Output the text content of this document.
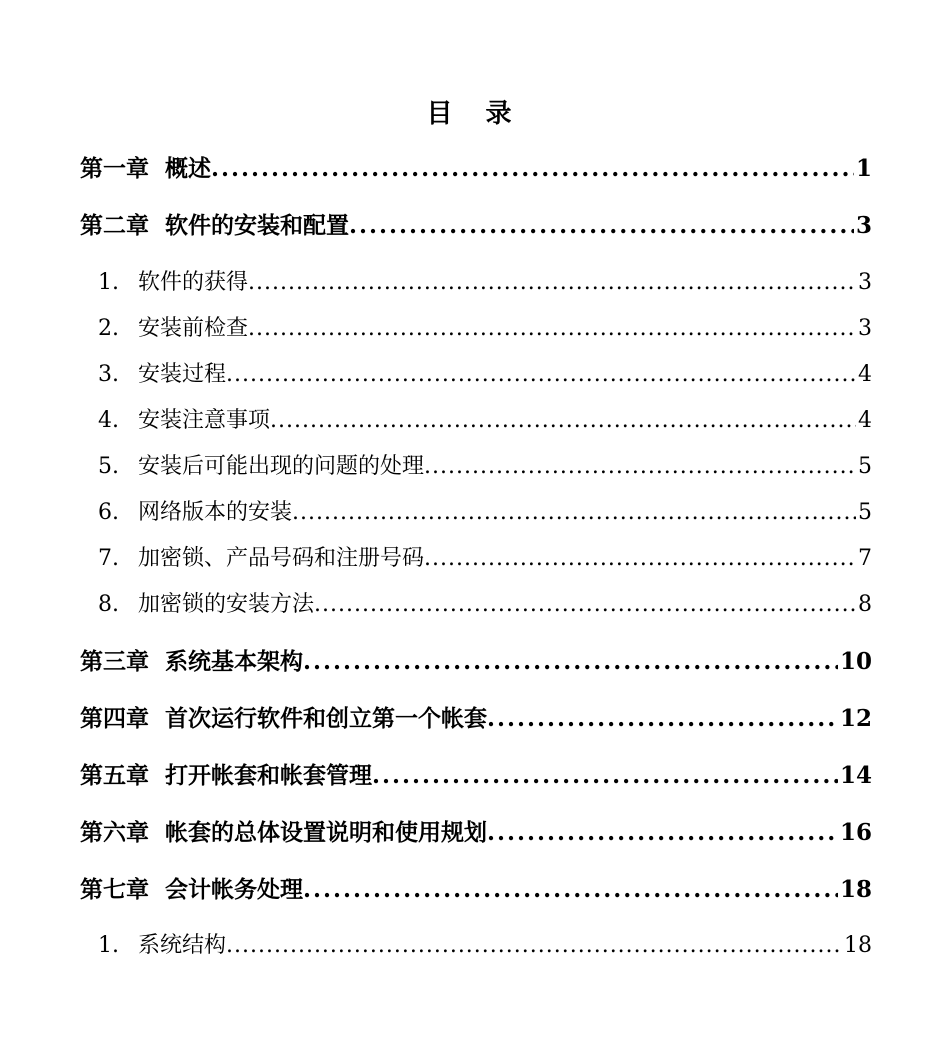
目 录
第一章 概述 .....	1
第二章 软件的安装和配置 .....	3
1. 软件的获得 .....	3
2. 安装前检查 .....	3
3. 安装过程 .....	4
4. 安装注意事项 .....	4
5. 安装后可能出现的问题的处理 .....	5
6. 网络版本的安装 .....	5
7. 加密锁、产品号码和注册号码 .....	7
8. 加密锁的安装方法 .....	8
第三章 系统基本架构 .....	10
第四章 首次运行软件和创立第一个帐套 .....	12
第五章 打开帐套和帐套管理 .....	14
第六章 帐套的总体设置说明和使用规划 .....	16
第七章 会计帐务处理 .....	18
1. 系统结构 .....	18
